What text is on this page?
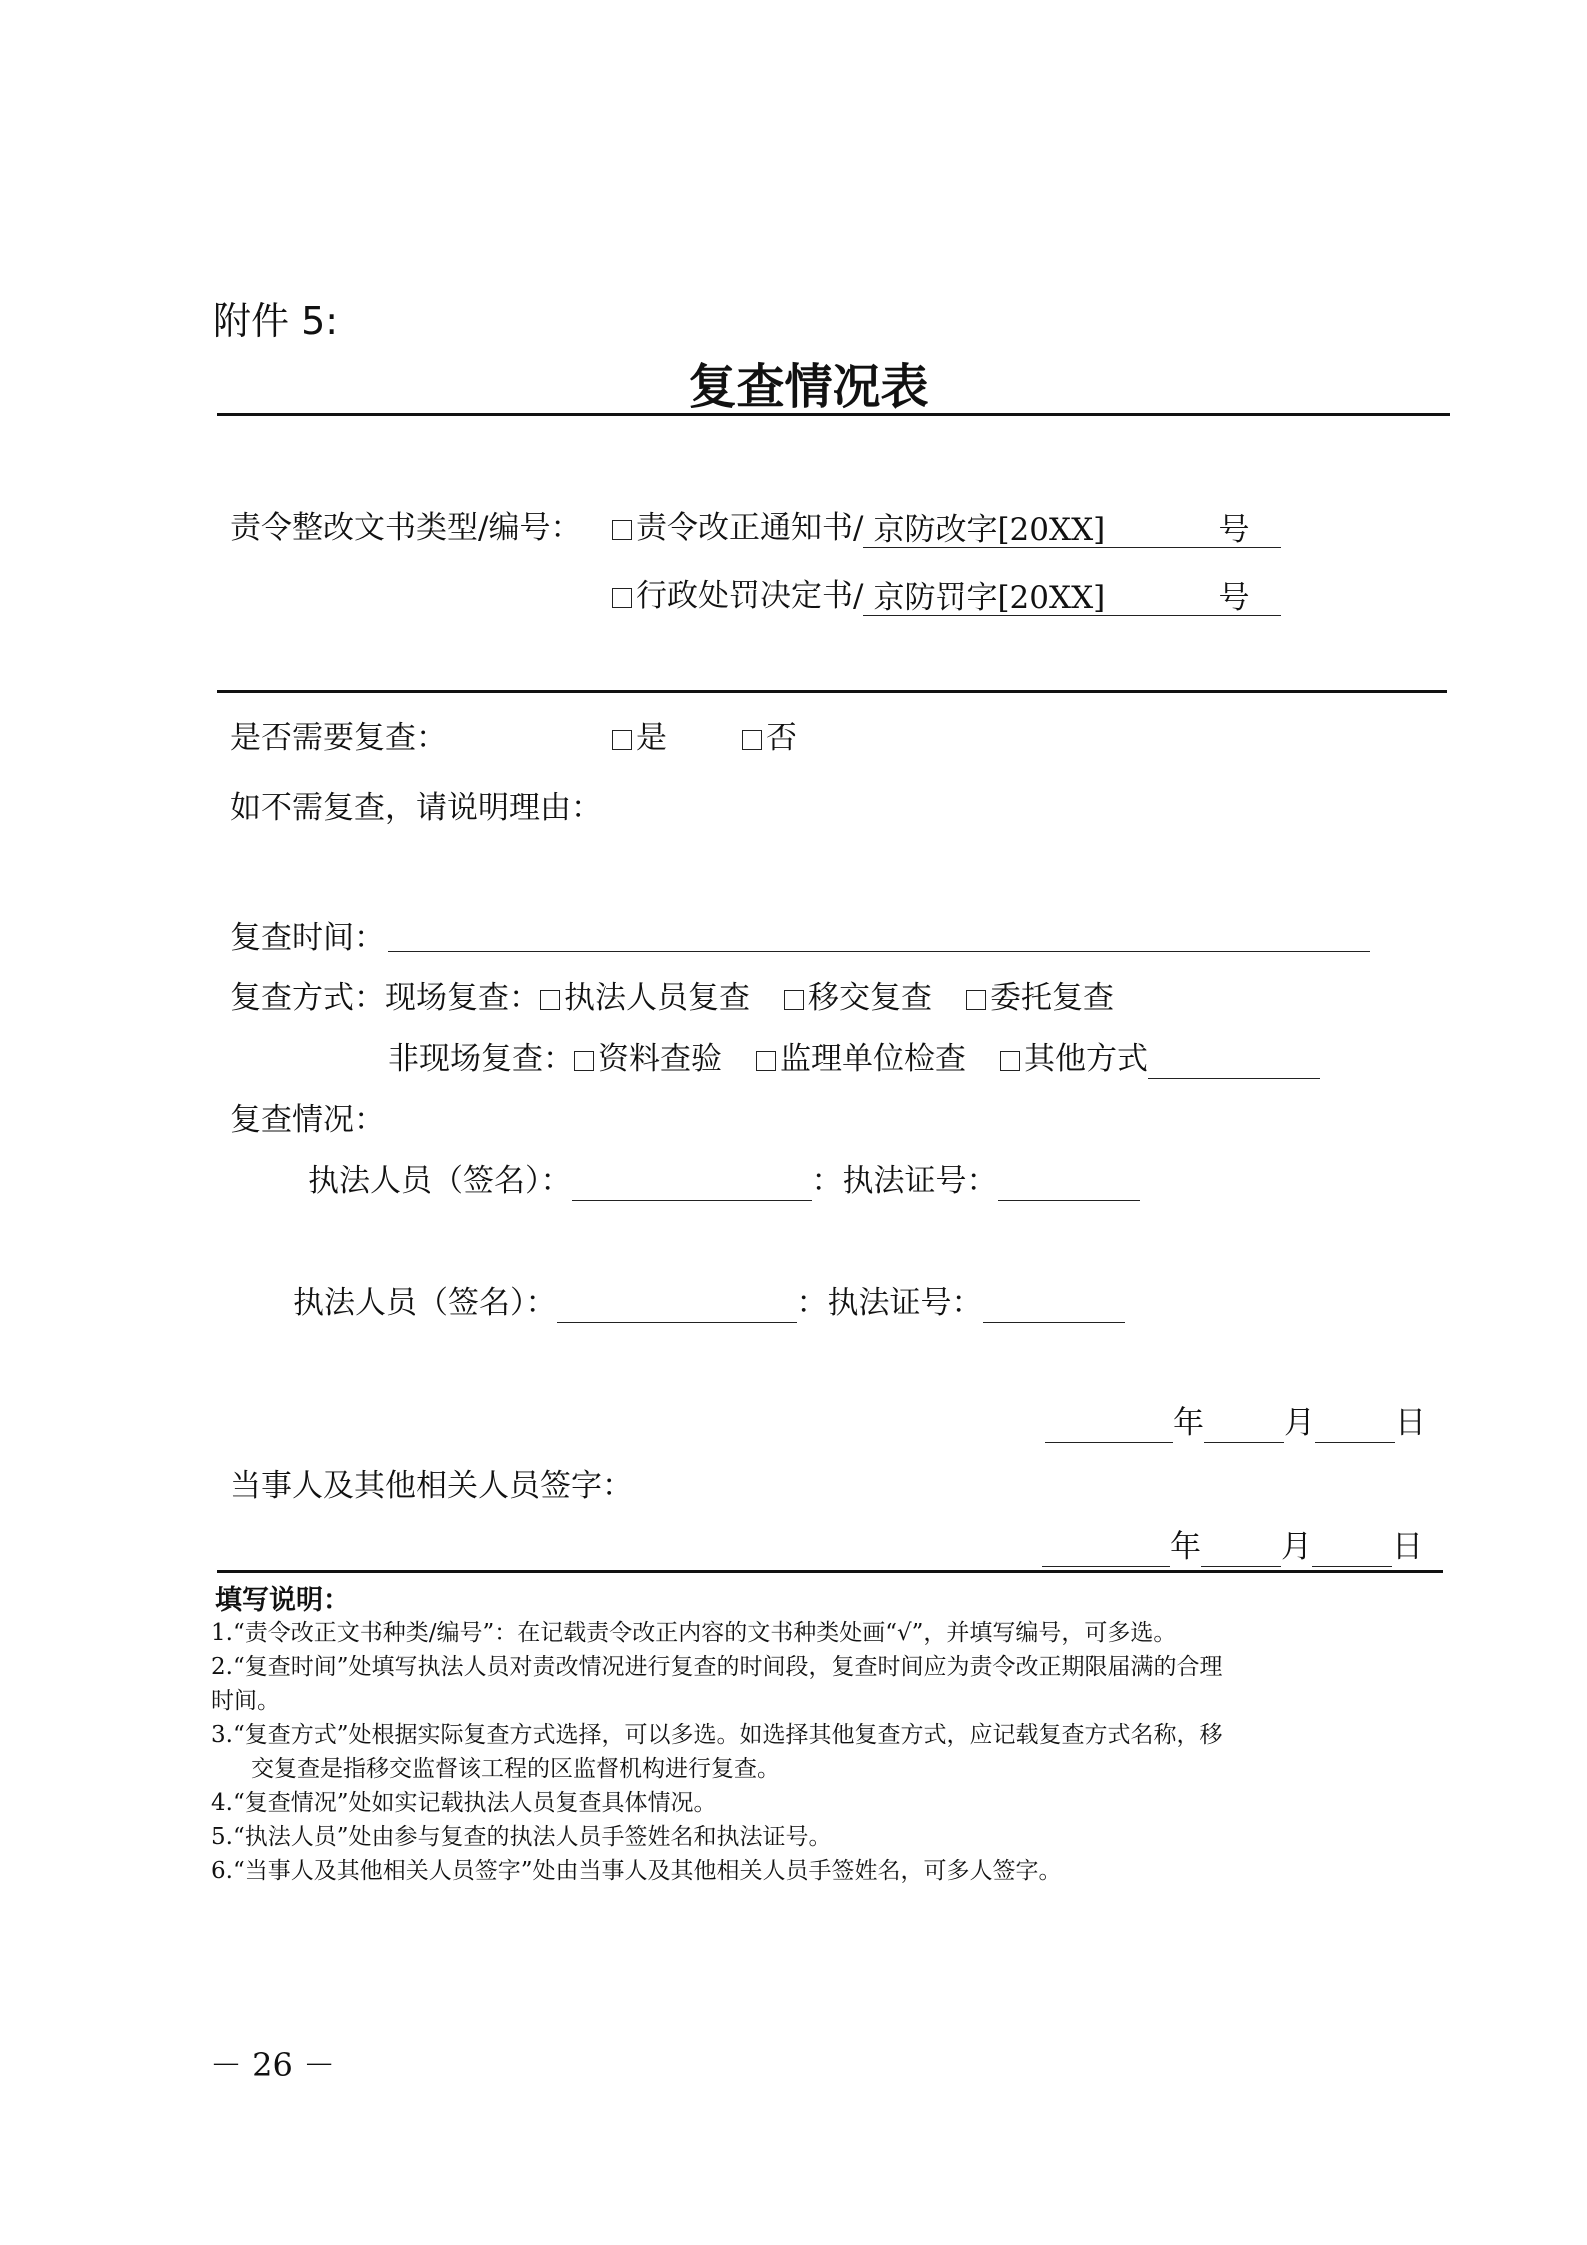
附件 5:
复查情况表
责令整改文书类型/编号：	责令改正通知书/ 京防改字[20XX]	号
行政处罚决定书/ 京防罚字[20XX]	号
是否需要复查：	是	否
如不需复查，请说明理由：
复查时间：
复查方式：现场复查： 执法人员复查 移交复查 委托复查
非现场复查： 资料查验 监理单位检查 其他方式
复查情况：
执法人员（签名）：	：执法证号：
执法人员（签名）：	：执法证号：
年	月	日
当事人及其他相关人员签字：
年	月	日
填写说明：
1.“责令改正文书种类/编号”：在记载责令改正内容的文书种类处画“√”，并填写编号，可多选。
2.“复查时间”处填写执法人员对责改情况进行复查的时间段，复查时间应为责令改正期限届满的合理
时间。
3.“复查方式”处根据实际复查方式选择，可以多选。如选择其他复查方式，应记载复查方式名称，移
交复查是指移交监督该工程的区监督机构进行复查。
4.“复查情况”处如实记载执法人员复查具体情况。
5.“执法人员”处由参与复查的执法人员手签姓名和执法证号。
6.“当事人及其他相关人员签字”处由当事人及其他相关人员手签姓名，可多人签字。
－ 26 －
